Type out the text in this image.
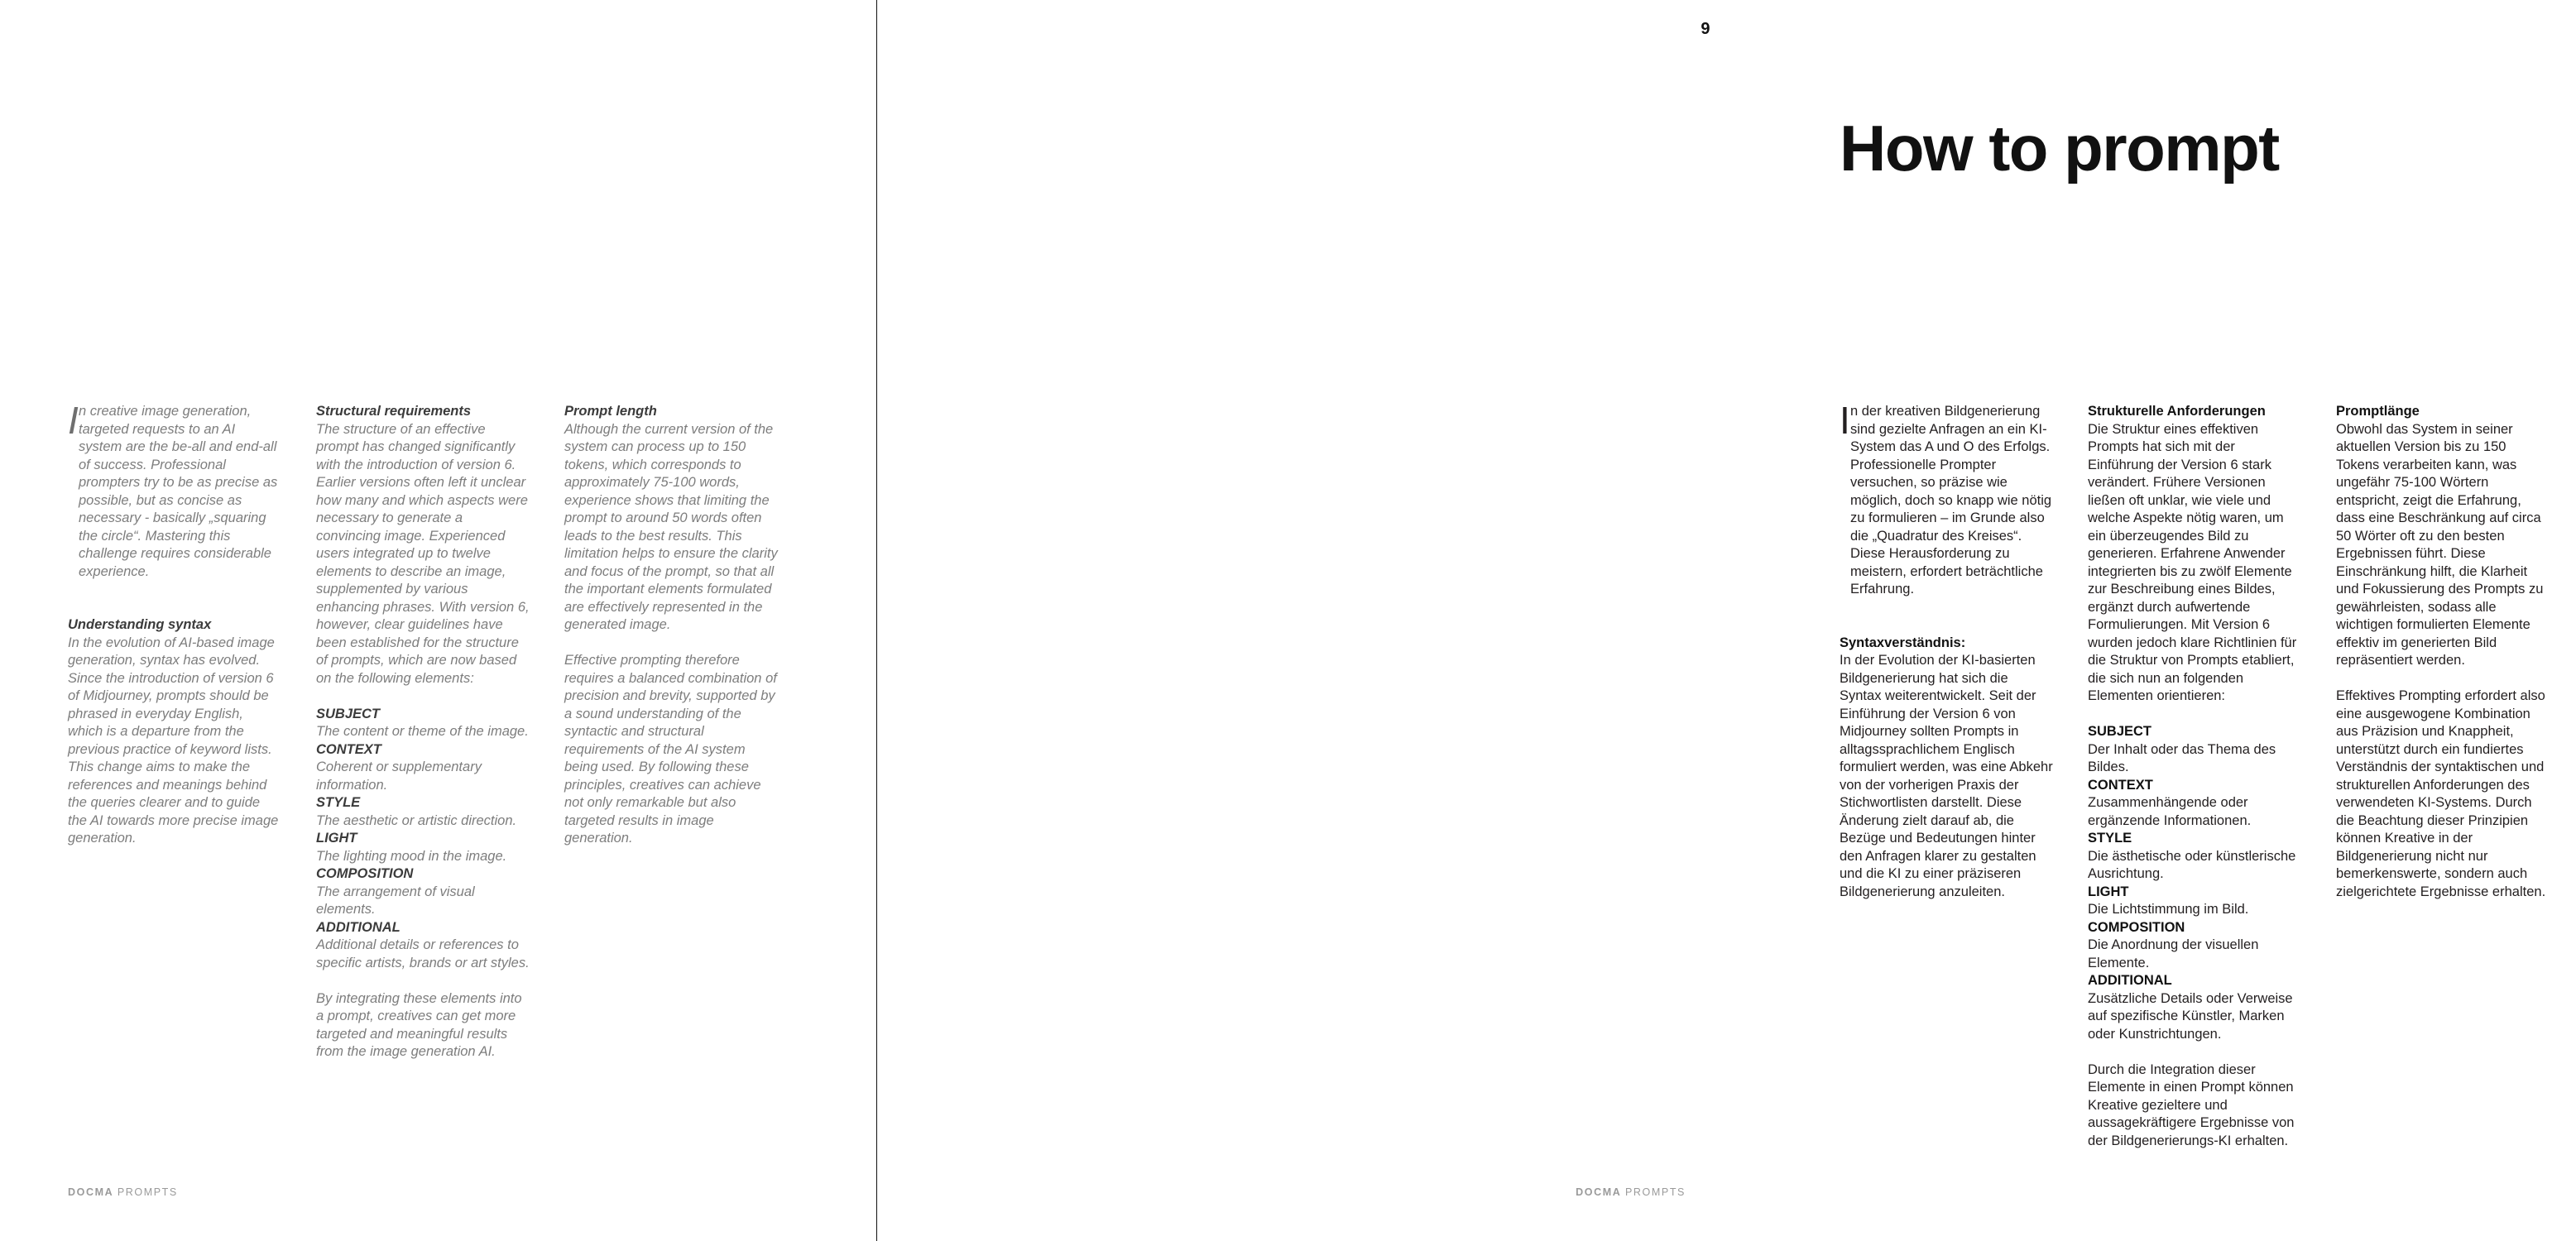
I n creative image generation, targeted requests to an AI system are the be-all and end-all of success. Professional prompters try to be as precise as possible, but as concise as necessary - basically „squaring the circle“. Mastering this challenge requires considerable experience.

Understanding syntax

In the evolution of AI-based image generation, syntax has evolved. Since the introduction of version 6 of Midjourney, prompts should be phrased in everyday English, which is a departure from the previous practice of keyword lists. This change aims to make the references and meanings behind the queries clearer and to guide the AI towards more precise image generation.

Structural requirements

The structure of an effective prompt has changed significantly with the introduction of version 6. Earlier versions often left it unclear how many and which aspects were necessary to generate a convincing image. Experienced users integrated up to twelve elements to describe an image, supplemented by various enhancing phrases. With version 6, however, clear guidelines have been established for the structure of prompts, which are now based on the following elements:

SUBJECT

The content or theme of the image.

CONTEXT

Coherent or supplementary information.

STYLE

The aesthetic or artistic direction.

LIGHT

The lighting mood in the image.

COMPOSITION

The arrangement of visual elements.

ADDITIONAL

Additional details or references to specific artists, brands or art styles.

By integrating these elements into a prompt, creatives can get more targeted and meaningful results from the image generation AI.

Prompt length

Although the current version of the system can process up to 150 tokens, which corresponds to approximately 75-100 words, experience shows that limiting the prompt to around 50 words often leads to the best results. This limitation helps to ensure the clarity and focus of the prompt, so that all the important elements formulated are effectively represented in the generated image.

Effective prompting therefore requires a balanced combination of precision and brevity, supported by a sound understanding of the syntactic and structural requirements of the AI system being used. By following these principles, creatives can achieve not only remarkable but also targeted results in image generation.

DOCMA PROMPTS
9
How to prompt

I n der kreativen Bildgenerierung sind gezielte Anfragen an ein KI-System das A und O des Erfolgs. Professionelle Prompter versuchen, so präzise wie möglich, doch so knapp wie nötig zu formulieren – im Grunde also die „Quadratur des Kreises“. Diese Herausforderung zu meistern, erfordert beträchtliche Erfahrung.

Syntaxverständnis:

In der Evolution der KI-basierten Bildgenerierung hat sich die Syntax weiterentwickelt. Seit der Einführung der Version 6 von Midjourney sollten Prompts in alltagssprachlichem Englisch formuliert werden, was eine Abkehr von der vorherigen Praxis der Stichwortlisten darstellt. Diese Änderung zielt darauf ab, die Bezüge und Bedeutungen hinter den Anfragen klarer zu gestalten und die KI zu einer präziseren Bildgenerierung anzuleiten.

Strukturelle Anforderungen

Die Struktur eines effektiven Prompts hat sich mit der Einführung der Version 6 stark verändert. Frühere Versionen ließen oft unklar, wie viele und welche Aspekte nötig waren, um ein überzeugendes Bild zu generieren. Erfahrene Anwender integrierten bis zu zwölf Elemente zur Beschreibung eines Bildes, ergänzt durch aufwertende Formulierungen. Mit Version 6 wurden jedoch klare Richtlinien für die Struktur von Prompts etabliert, die sich nun an folgenden Elementen orientieren:

SUBJECT

Der Inhalt oder das Thema des Bildes.

CONTEXT

Zusammenhängende oder ergänzende Informationen.

STYLE

Die ästhetische oder künstlerische Ausrichtung.

LIGHT

Die Lichtstimmung im Bild.

COMPOSITION

Die Anordnung der visuellen Elemente.

ADDITIONAL

Zusätzliche Details oder Verweise auf spezifische Künstler, Marken oder Kunstrichtungen.

Durch die Integration dieser Elemente in einen Prompt können Kreative gezieltere und aussagekräftigere Ergebnisse von der Bildgenerierungs-KI erhalten.

Promptlänge

Obwohl das System in seiner aktuellen Version bis zu 150 Tokens verarbeiten kann, was ungefähr 75-100 Wörtern entspricht, zeigt die Erfahrung, dass eine Beschränkung auf circa 50 Wörter oft zu den besten Ergebnissen führt. Diese Einschränkung hilft, die Klarheit und Fokussierung des Prompts zu gewährleisten, sodass alle wichtigen formulierten Elemente effektiv im generierten Bild repräsentiert werden.

Effektives Prompting erfordert also eine ausgewogene Kombination aus Präzision und Knappheit, unterstützt durch ein fundiertes Verständnis der syntaktischen und strukturellen Anforderungen des verwendeten KI-Systems. Durch die Beachtung dieser Prinzipien können Kreative in der Bildgenerierung nicht nur bemerkenswerte, sondern auch zielgerichtete Ergebnisse erhalten.

DOCMA PROMPTS
